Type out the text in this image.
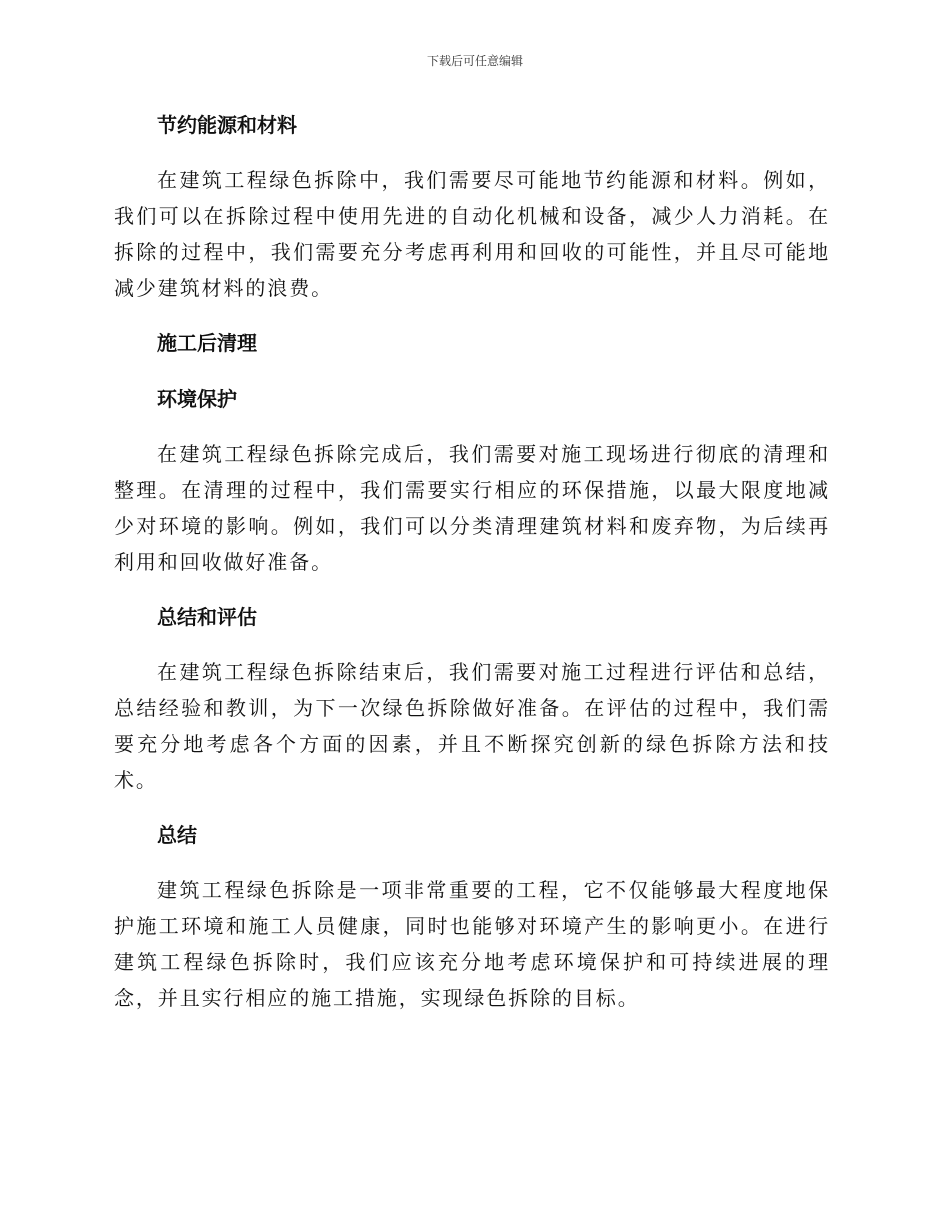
下载后可任意编辑
节约能源和材料

在建筑工程绿色拆除中，我们需要尽可能地节约能源和材料。例如，我们可以在拆除过程中使用先进的自动化机械和设备，减少人力消耗。在拆除的过程中，我们需要充分考虑再利用和回收的可能性，并且尽可能地减少建筑材料的浪费。

施工后清理
环境保护

在建筑工程绿色拆除完成后，我们需要对施工现场进行彻底的清理和整理。在清理的过程中，我们需要实行相应的环保措施，以最大限度地减少对环境的影响。例如，我们可以分类清理建筑材料和废弃物，为后续再利用和回收做好准备。

总结和评估

在建筑工程绿色拆除结束后，我们需要对施工过程进行评估和总结，总结经验和教训，为下一次绿色拆除做好准备。在评估的过程中，我们需要充分地考虑各个方面的因素，并且不断探究创新的绿色拆除方法和技术。

总结

建筑工程绿色拆除是一项非常重要的工程，它不仅能够最大程度地保护施工环境和施工人员健康，同时也能够对环境产生的影响更小。在进行建筑工程绿色拆除时，我们应该充分地考虑环境保护和可持续进展的理念，并且实行相应的施工措施，实现绿色拆除的目标。
